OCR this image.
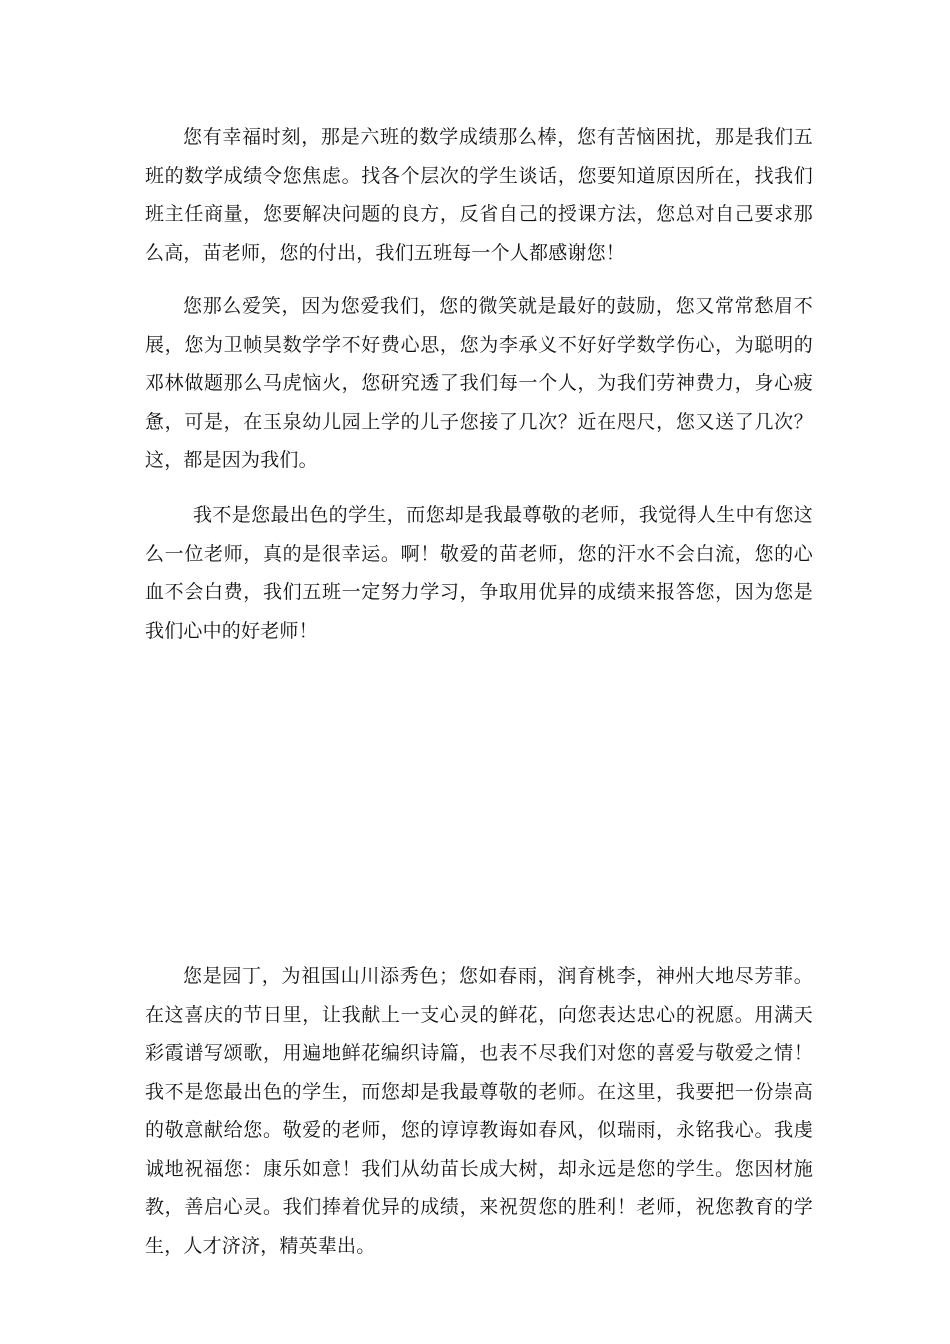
您有幸福时刻，那是六班的数学成绩那么棒，您有苦恼困扰，那是我们五班的数学成绩令您焦虑。找各个层次的学生谈话，您要知道原因所在，找我们班主任商量，您要解决问题的良方，反省自己的授课方法，您总对自己要求那么高，苗老师，您的付出，我们五班每一个人都感谢您！

您那么爱笑，因为您爱我们，您的微笑就是最好的鼓励，您又常常愁眉不展，您为卫帧昊数学学不好费心思，您为李承义不好好学数学伤心，为聪明的邓林做题那么马虎恼火，您研究透了我们每一个人，为我们劳神费力，身心疲惫，可是，在玉泉幼儿园上学的儿子您接了几次？近在咫尺，您又送了几次？这，都是因为我们。

我不是您最出色的学生，而您却是我最尊敬的老师，我觉得人生中有您这么一位老师，真的是很幸运。啊！敬爱的苗老师，您的汗水不会白流，您的心血不会白费，我们五班一定努力学习，争取用优异的成绩来报答您，因为您是我们心中的好老师！

您是园丁，为祖国山川添秀色；您如春雨，润育桃李，神州大地尽芳菲。在这喜庆的节日里，让我献上一支心灵的鲜花，向您表达忠心的祝愿。用满天彩霞谱写颂歌，用遍地鲜花编织诗篇，也表不尽我们对您的喜爱与敬爱之情！我不是您最出色的学生，而您却是我最尊敬的老师。在这里，我要把一份崇高的敬意献给您。敬爱的老师，您的谆谆教诲如春风，似瑞雨，永铭我心。我虔诚地祝福您：康乐如意！我们从幼苗长成大树，却永远是您的学生。您因材施教，善启心灵。我们捧着优异的成绩，来祝贺您的胜利！老师，祝您教育的学生，人才济济，精英辈出。
